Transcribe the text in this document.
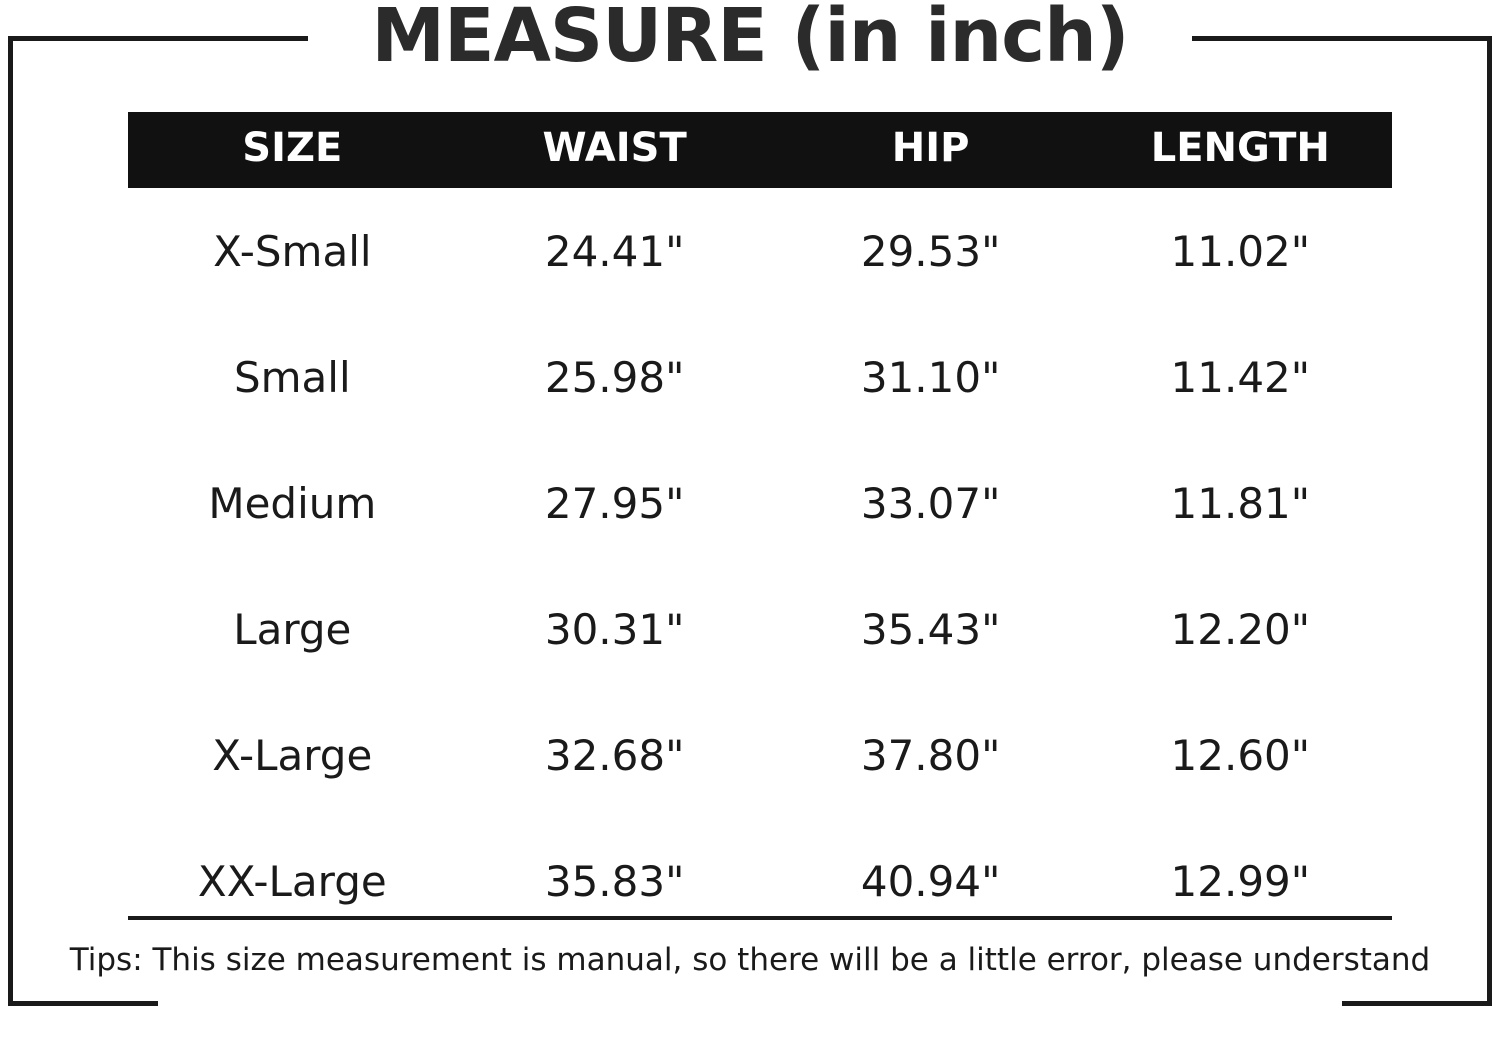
MEASURE (in inch)
SIZE	WAIST	HIP	LENGTH
X-Small	24.41"	29.53"	11.02"
Small	25.98"	31.10"	11.42"
Medium	27.95"	33.07"	11.81"
Large	30.31"	35.43"	12.20"
X-Large	32.68"	37.80"	12.60"
XX-Large	35.83"	40.94"	12.99"
Tips: This size measurement is manual, so there will be a little error, please understand
